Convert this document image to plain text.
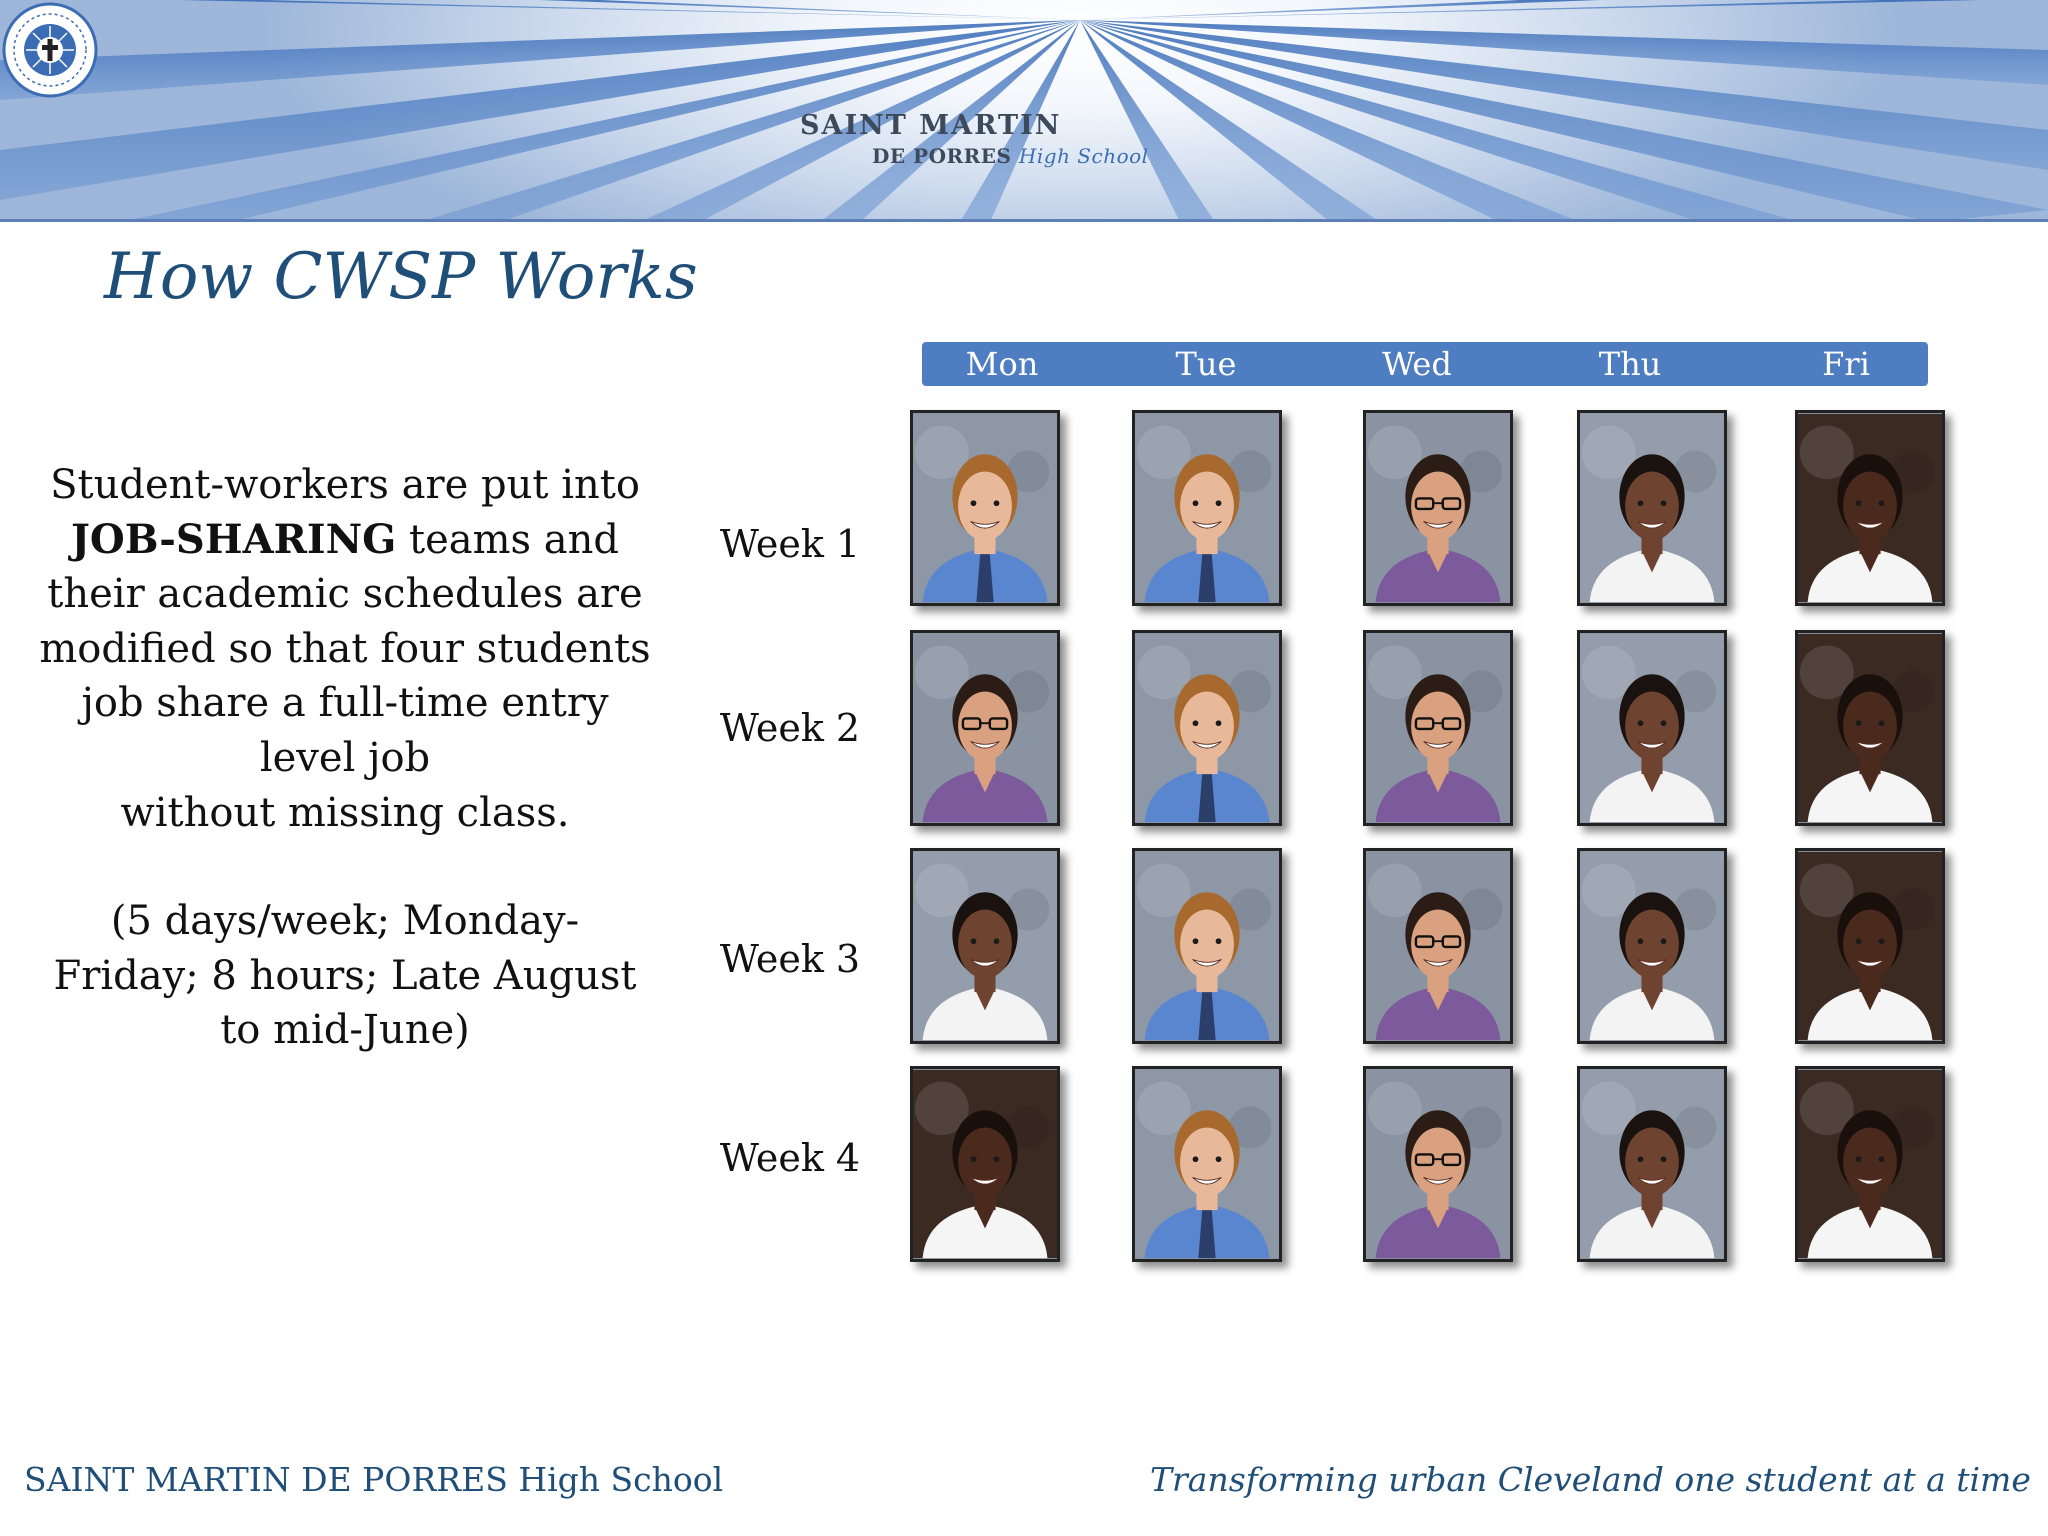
SAINT MARTIN
DE PORRES High School
How CWSP Works

Student-workers are put into

JOB-SHARING teams and

their academic schedules are

modified so that four students

job share a full-time entry

level job

without missing class.

(5 days/week; Monday-

Friday; 8 hours; Late August

to mid-June)

Mon	Tue	Wed	Thu	Fri
Week 1
Week 2
Week 3
Week 4
SAINT MARTIN DE PORRES High School	Transforming urban Cleveland one student at a time
